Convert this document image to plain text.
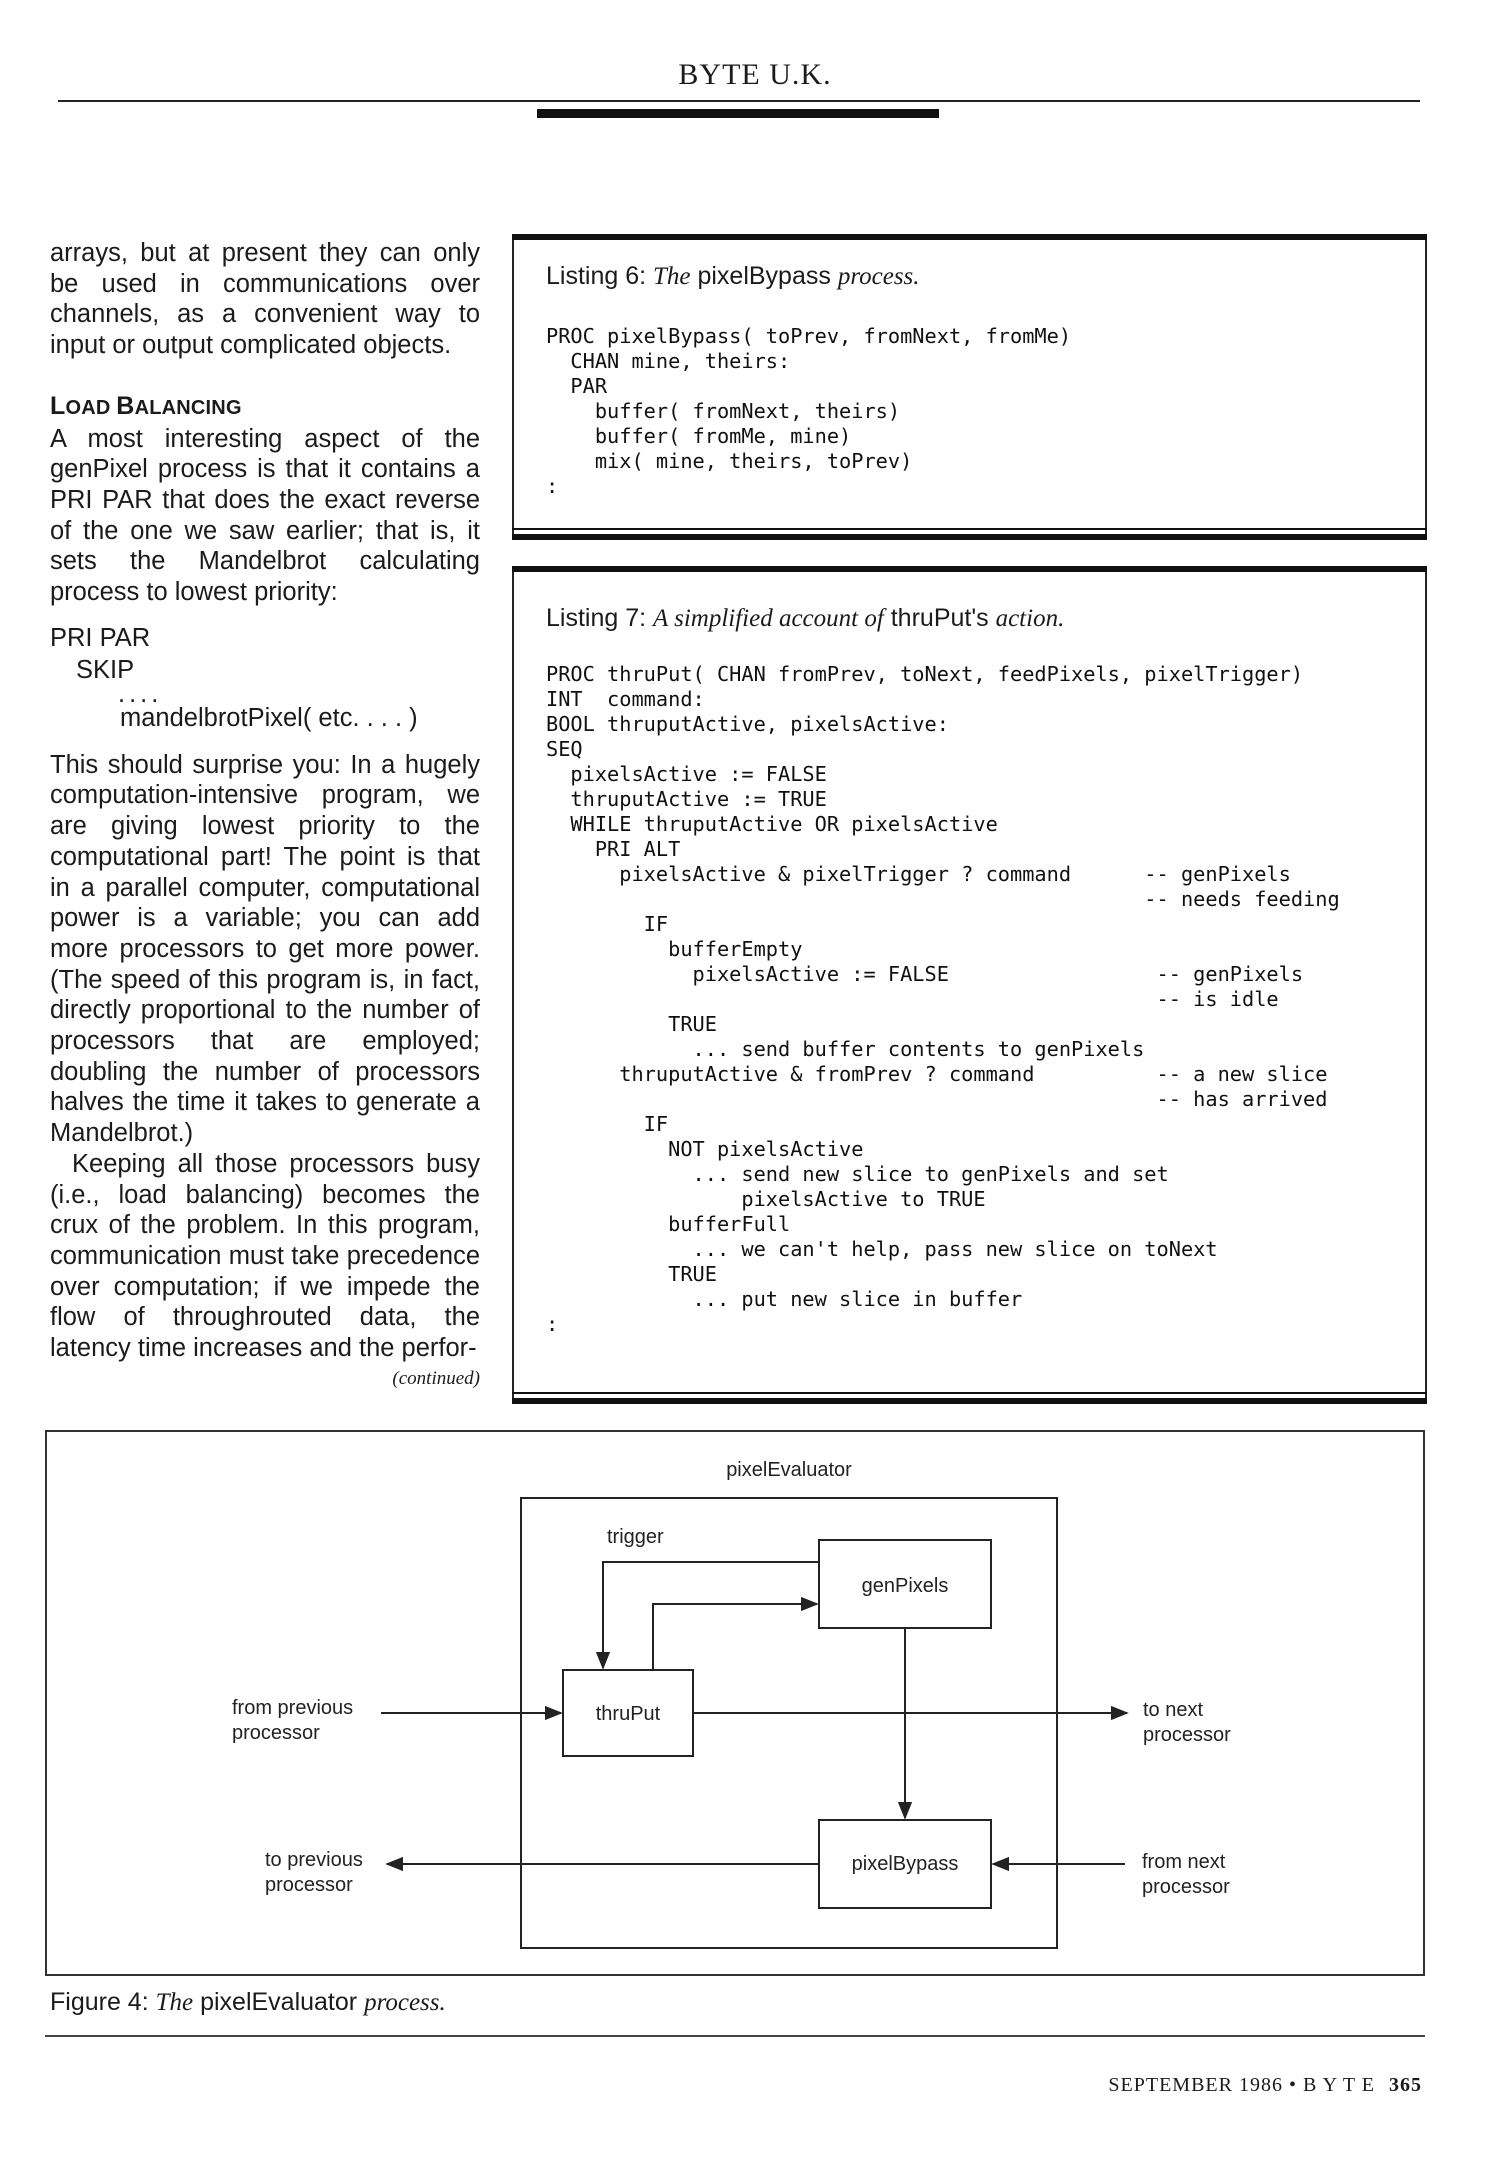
BYTE U.K.

arrays, but at present they can only be used in communications over channels, as a convenient way to input or output complicated objects.

LOAD BALANCING

A most interesting aspect of the genPixel process is that it contains a PRI PAR that does the exact reverse of the one we saw earlier; that is, it sets the Mandelbrot calculating process to lowest priority:

PRI PAR
SKIP
....
mandelbrotPixel( etc. . . . )

This should surprise you: In a hugely computation-intensive program, we are giving lowest priority to the computational part! The point is that in a parallel computer, computational power is a variable; you can add more processors to get more power. (The speed of this program is, in fact, directly proportional to the number of processors that are employed; doubling the number of processors halves the time it takes to generate a Mandelbrot.)

Keeping all those processors busy (i.e., load balancing) becomes the crux of the problem. In this program, communication must take precedence over computation; if we impede the flow of throughrouted data, the latency time increases and the perfor-

(continued)
Listing 6: The pixelBypass process.
PROC pixelBypass( toPrev, fromNext, fromMe)
CHAN mine, theirs:
PAR
buffer( fromNext, theirs)
buffer( fromMe, mine)
mix( mine, theirs, toPrev)
:
Listing 7: A simplified account of thruPut's action.
PROC thruPut( CHAN fromPrev, toNext, feedPixels, pixelTrigger)
INT  command:
BOOL thruputActive, pixelsActive:
SEQ
pixelsActive := FALSE
thruputActive := TRUE
WHILE thruputActive OR pixelsActive
PRI ALT
pixelsActive & pixelTrigger ? command      -- genPixels
-- needs feeding
IF
bufferEmpty
pixelsActive := FALSE                 -- genPixels
-- is idle
TRUE
... send buffer contents to genPixels
thruputActive & fromPrev ? command          -- a new slice
-- has arrived
IF
NOT pixelsActive
... send new slice to genPixels and set
pixelsActive to TRUE
bufferFull
... we can't help, pass new slice on toNext
TRUE
... put new slice in buffer
:
pixelEvaluator
genPixels
thruPut
pixelBypass
trigger
from previous
processor
to next
processor
from next
processor
to previous
processor
Figure 4: The pixelEvaluator process.
SEPTEMBER 1986 • B Y T E 365
